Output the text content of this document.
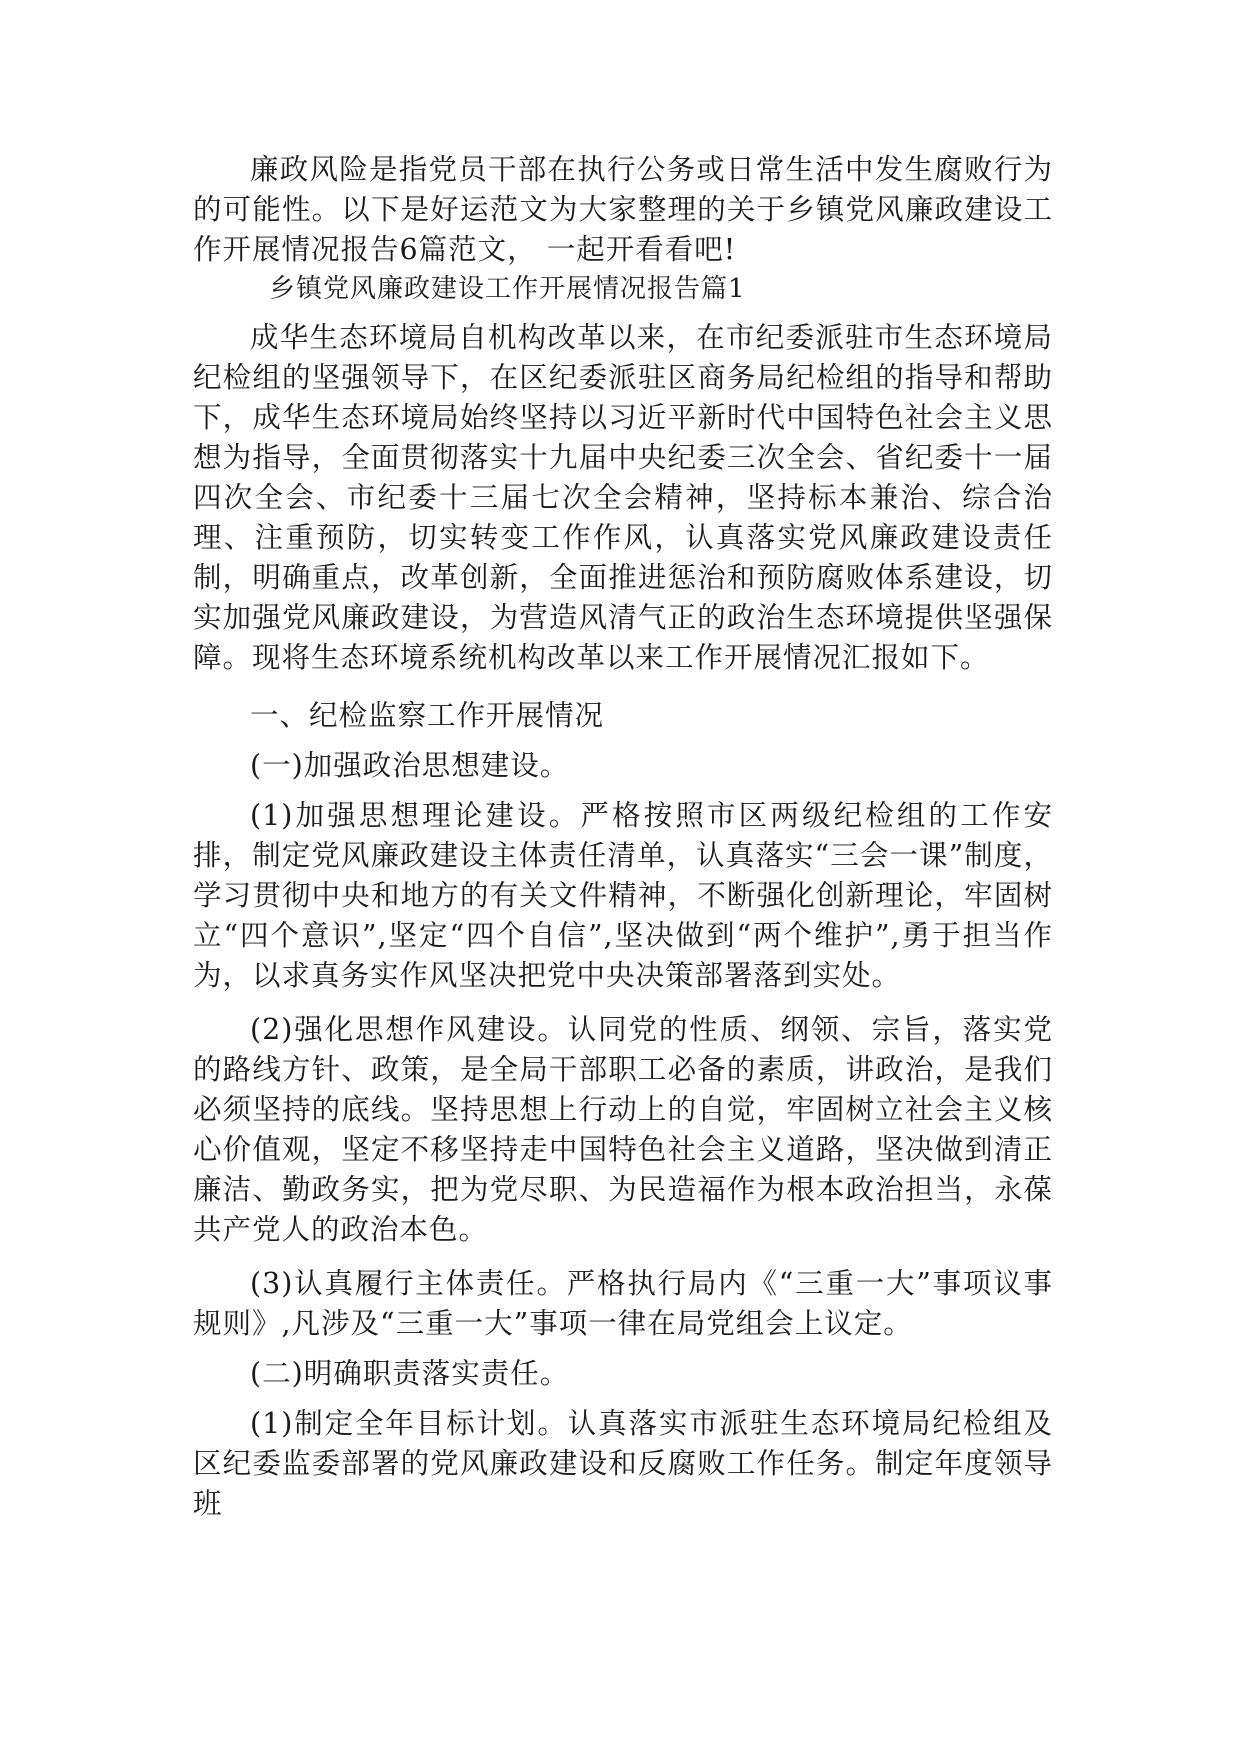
廉政风险是指党员干部在执行公务或日常生活中发生腐败行为的可能性。以下是好运范文为大家整理的关于乡镇党风廉政建设工作开展情况报告6篇范文， 一起开看看吧!

乡镇党风廉政建设工作开展情况报告篇1

成华生态环境局自机构改革以来，在市纪委派驻市生态环境局纪检组的坚强领导下，在区纪委派驻区商务局纪检组的指导和帮助下，成华生态环境局始终坚持以习近平新时代中国特色社会主义思想为指导，全面贯彻落实十九届中央纪委三次全会、省纪委十一届四次全会、市纪委十三届七次全会精神，坚持标本兼治、综合治理、注重预防，切实转变工作作风，认真落实党风廉政建设责任制，明确重点，改革创新，全面推进惩治和预防腐败体系建设，切实加强党风廉政建设，为营造风清气正的政治生态环境提供坚强保障。现将生态环境系统机构改革以来工作开展情况汇报如下。

一、纪检监察工作开展情况

(一)加强政治思想建设。

(1)加强思想理论建设。严格按照市区两级纪检组的工作安排，制定党风廉政建设主体责任清单，认真落实“三会一课”制度，学习贯彻中央和地方的有关文件精神，不断强化创新理论，牢固树立“四个意识”,坚定“四个自信”,坚决做到“两个维护”,勇于担当作为，以求真务实作风坚决把党中央决策部署落到实处。

(2)强化思想作风建设。认同党的性质、纲领、宗旨，落实党的路线方针、政策，是全局干部职工必备的素质，讲政治，是我们必须坚持的底线。坚持思想上行动上的自觉，牢固树立社会主义核心价值观，坚定不移坚持走中国特色社会主义道路，坚决做到清正廉洁、勤政务实，把为党尽职、为民造福作为根本政治担当，永葆共产党人的政治本色。

(3)认真履行主体责任。严格执行局内《“三重一大”事项议事规则》,凡涉及“三重一大”事项一律在局党组会上议定。

(二)明确职责落实责任。

(1)制定全年目标计划。认真落实市派驻生态环境局纪检组及区纪委监委部署的党风廉政建设和反腐败工作任务。制定年度领导班
